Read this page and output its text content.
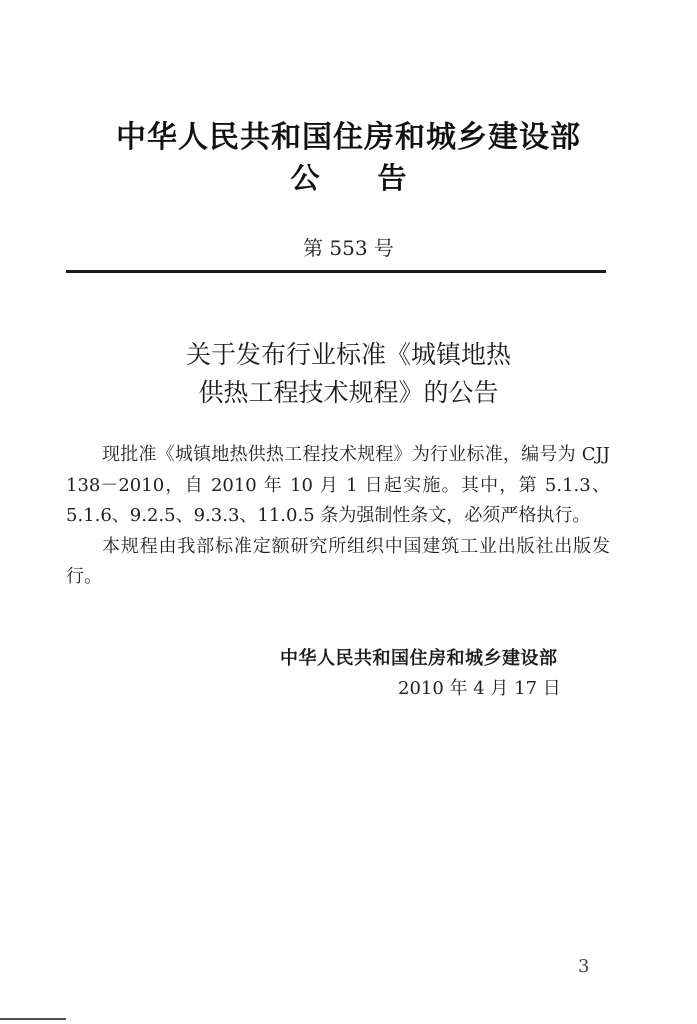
中华人民共和国住房和城乡建设部
公告
第 553 号
关于发布行业标准《城镇地热
供热工程技术规程》的公告

现批准《城镇地热供热工程技术规程》为行业标准，编号为 CJJ 138－2010，自 2010 年 10 月 1 日起实施。其中，第 5.1.3、5.1.6、9.2.5、9.3.3、11.0.5 条为强制性条文，必须严格执行。

本规程由我部标准定额研究所组织中国建筑工业出版社出版发行。

中华人民共和国住房和城乡建设部
2010 年 4 月 17 日
3
